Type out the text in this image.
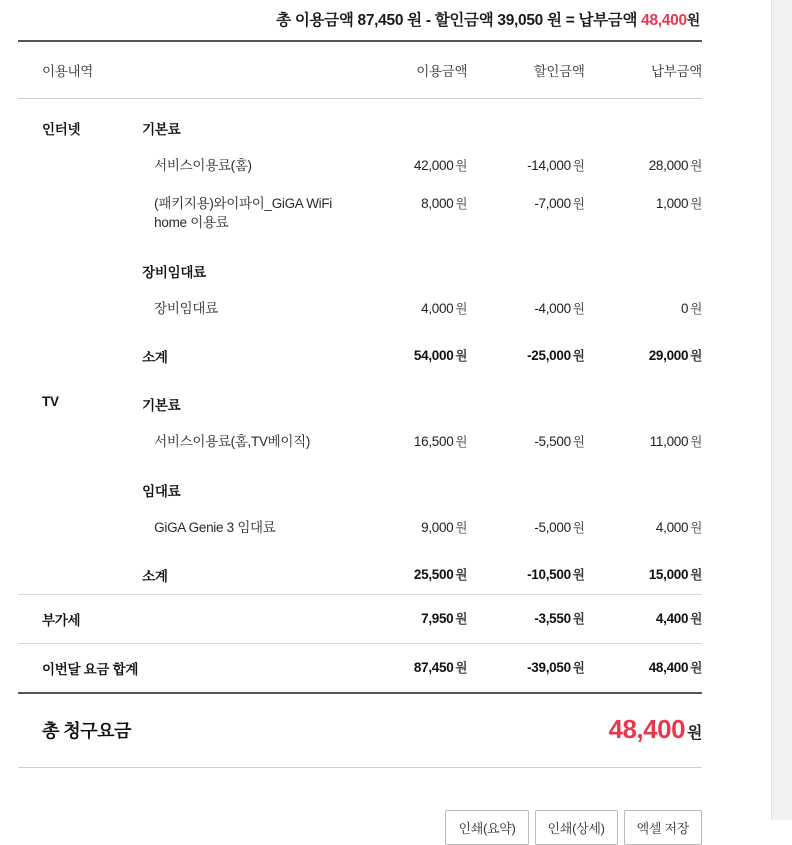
총 이용금액 87,450 원 - 할인금액 39,050 원 = 납부금액 48,400원
이용내역		이용금액	할인금액	납부금액

인터넷	기본료			
	서비스이용료(홈)	42,000 원	-14,000 원	28,000 원
	(패키지용)와이파이_GiGA WiFi home 이용료	8,000 원	-7,000 원	1,000 원

	장비임대료			
	장비임대료	4,000 원	-4,000 원	0 원

	소계	54,000 원	-25,000 원	29,000 원

TV	기본료			
	서비스이용료(홈,TV베이직)	16,500 원	-5,500 원	11,000 원

	임대료			
	GiGA Genie 3 임대료	9,000 원	-5,000 원	4,000 원

	소계	25,500 원	-10,500 원	15,000 원
부가세		7,950 원	-3,550 원	4,400 원
이번달 요금 합계		87,450 원	-39,050 원	48,400 원
총 청구요금	48,400 원
인쇄(요약)	인쇄(상세)	엑셀 저장
